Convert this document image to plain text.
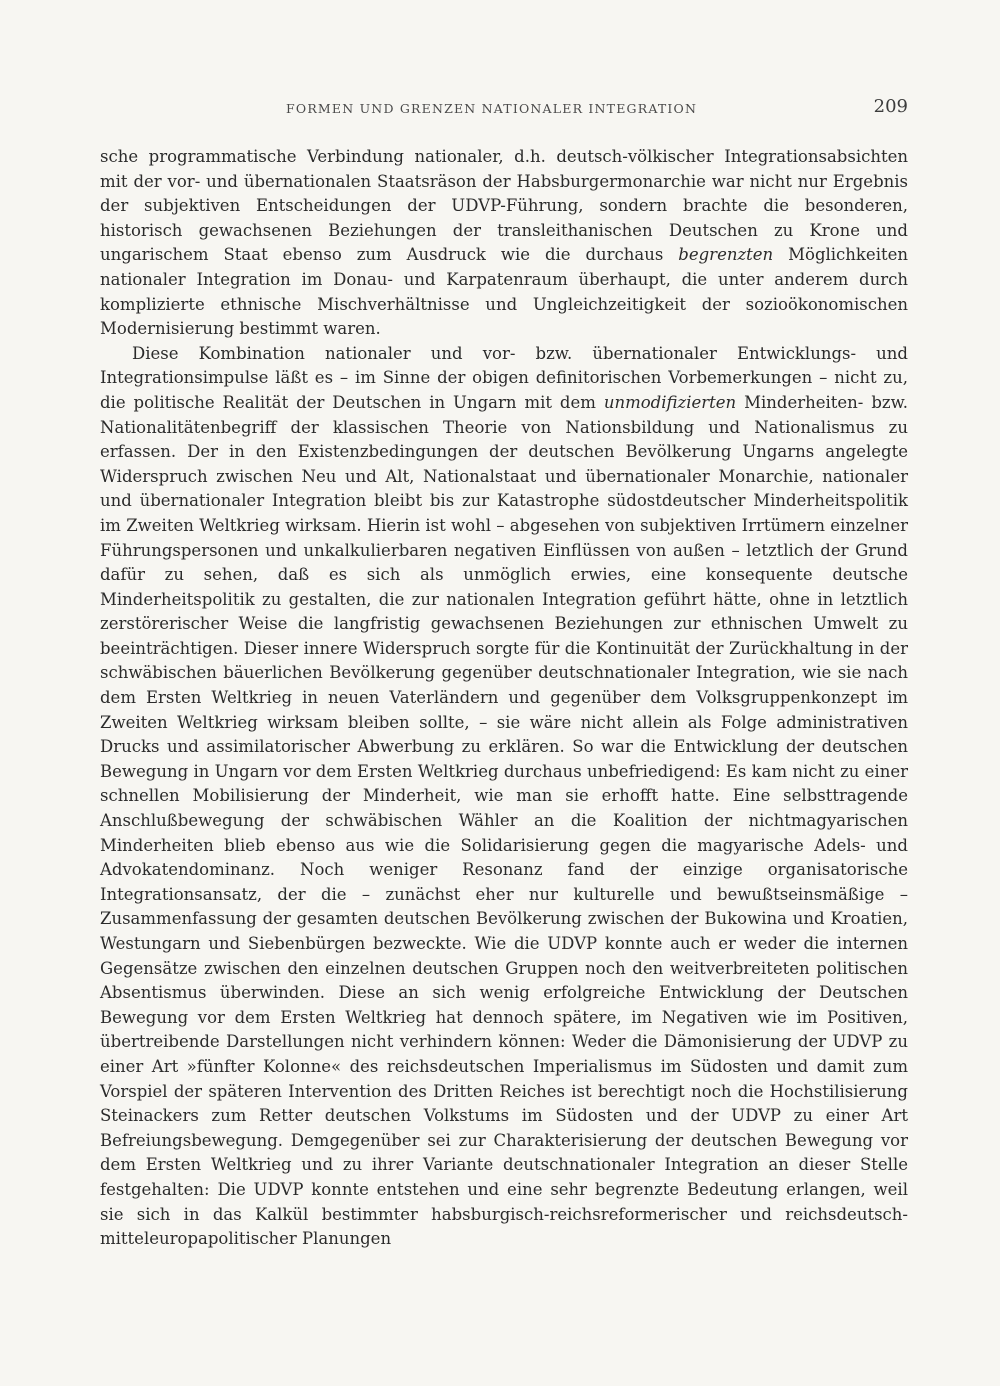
FORMEN UND GRENZEN NATIONALER INTEGRATION	209

sche programmatische Verbindung nationaler, d.h. deutsch-völkischer Integrationsabsichten mit der vor- und übernationalen Staatsräson der Habsburgermonarchie war nicht nur Ergebnis der subjektiven Entscheidungen der UDVP-Führung, sondern brachte die besonderen, historisch gewachsenen Beziehungen der transleithanischen Deutschen zu Krone und ungarischem Staat ebenso zum Ausdruck wie die durchaus begrenzten Möglichkeiten nationaler Integration im Donau- und Karpatenraum überhaupt, die unter anderem durch komplizierte ethnische Mischverhältnisse und Ungleichzeitigkeit der sozioökonomischen Modernisierung bestimmt waren.

Diese Kombination nationaler und vor- bzw. übernationaler Entwicklungs- und Integrationsimpulse läßt es – im Sinne der obigen definitorischen Vorbemerkungen – nicht zu, die politische Realität der Deutschen in Ungarn mit dem unmodifizierten Minderheiten- bzw. Nationalitätenbegriff der klassischen Theorie von Nationsbildung und Nationalismus zu erfassen. Der in den Existenzbedingungen der deutschen Bevölkerung Ungarns angelegte Widerspruch zwischen Neu und Alt, Nationalstaat und übernationaler Monarchie, nationaler und übernationaler Integration bleibt bis zur Katastrophe südostdeutscher Minderheitspolitik im Zweiten Weltkrieg wirksam. Hierin ist wohl – abgesehen von subjektiven Irrtümern einzelner Führungspersonen und unkalkulierbaren negativen Einflüssen von außen – letztlich der Grund dafür zu sehen, daß es sich als unmöglich erwies, eine konsequente deutsche Minderheitspolitik zu gestalten, die zur nationalen Integration geführt hätte, ohne in letztlich zerstörerischer Weise die langfristig gewachsenen Beziehungen zur ethnischen Umwelt zu beeinträchtigen. Dieser innere Widerspruch sorgte für die Kontinuität der Zurückhaltung in der schwäbischen bäuerlichen Bevölkerung gegenüber deutschnationaler Integration, wie sie nach dem Ersten Weltkrieg in neuen Vaterländern und gegenüber dem Volksgruppenkonzept im Zweiten Weltkrieg wirksam bleiben sollte, – sie wäre nicht allein als Folge administrativen Drucks und assimilatorischer Abwerbung zu erklären. So war die Entwicklung der deutschen Bewegung in Ungarn vor dem Ersten Weltkrieg durchaus unbefriedigend: Es kam nicht zu einer schnellen Mobilisierung der Minderheit, wie man sie erhofft hatte. Eine selbsttragende Anschlußbewegung der schwäbischen Wähler an die Koalition der nichtmagyarischen Minderheiten blieb ebenso aus wie die Solidarisierung gegen die magyarische Adels- und Advokatendominanz. Noch weniger Resonanz fand der einzige organisatorische Integrationsansatz, der die – zunächst eher nur kulturelle und bewußtseinsmäßige – Zusammenfassung der gesamten deutschen Bevölkerung zwischen der Bukowina und Kroatien, Westungarn und Siebenbürgen bezweckte. Wie die UDVP konnte auch er weder die internen Gegensätze zwischen den einzelnen deutschen Gruppen noch den weitverbreiteten politischen Absentismus überwinden. Diese an sich wenig erfolgreiche Entwicklung der Deutschen Bewegung vor dem Ersten Weltkrieg hat dennoch spätere, im Negativen wie im Positiven, übertreibende Darstellungen nicht verhindern können: Weder die Dämonisierung der UDVP zu einer Art »fünfter Kolonne« des reichsdeutschen Imperialismus im Südosten und damit zum Vorspiel der späteren Intervention des Dritten Reiches ist berechtigt noch die Hochstilisierung Steinackers zum Retter deutschen Volkstums im Südosten und der UDVP zu einer Art Befreiungsbewegung. Demgegenüber sei zur Charakterisierung der deutschen Bewegung vor dem Ersten Weltkrieg und zu ihrer Variante deutschnationaler Integration an dieser Stelle festgehalten: Die UDVP konnte entstehen und eine sehr begrenzte Bedeutung erlangen, weil sie sich in das Kalkül bestimmter habsburgisch-reichsreformerischer und reichsdeutsch-mitteleuropapolitischer Planungen
